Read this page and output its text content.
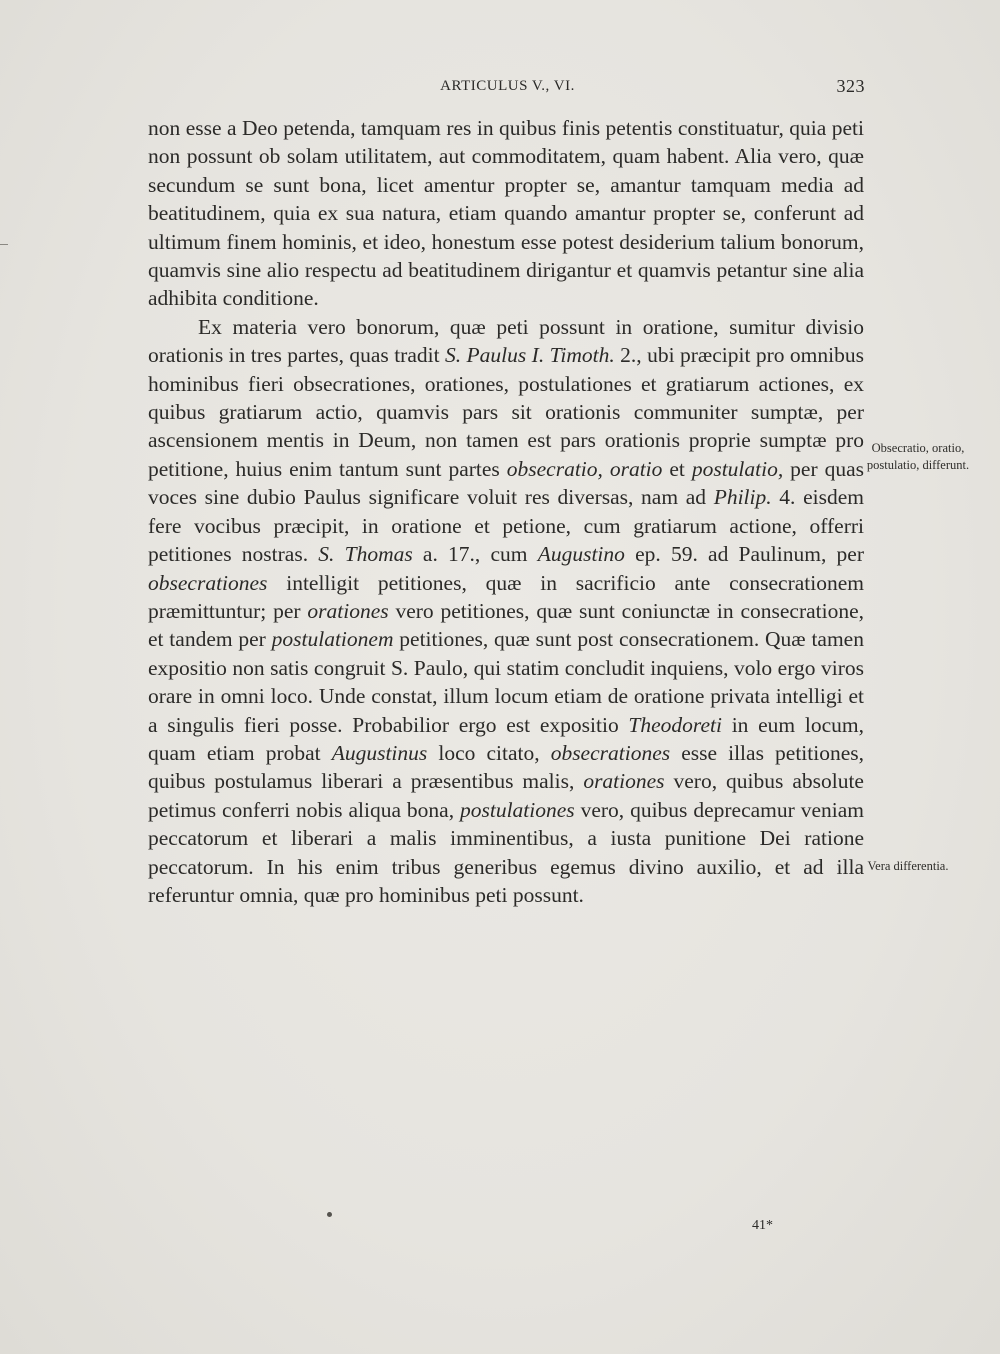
ARTICULUS V., VI.	323

non esse a Deo petenda, tamquam res in quibus finis petentis constituatur, quia peti non possunt ob solam utilitatem, aut commoditatem, quam habent. Alia vero, quæ secundum se sunt bona, licet amentur propter se, amantur tamquam media ad beatitudinem, quia ex sua natura, etiam quando amantur propter se, conferunt ad ultimum finem hominis, et ideo, honestum esse potest desiderium talium bonorum, quamvis sine alio respectu ad beatitudinem dirigantur et quamvis petantur sine alia adhibita conditione.

Ex materia vero bonorum, quæ peti possunt in oratione, sumitur divisio orationis in tres partes, quas tradit S. Paulus I. Timoth. 2., ubi præcipit pro omnibus hominibus fieri obsecrationes, orationes, postulationes et gratiarum actiones, ex quibus gratiarum actio, quamvis pars sit orationis communiter sumptæ, per ascensionem mentis in Deum, non tamen est pars orationis proprie sumptæ pro petitione, huius enim tantum sunt partes obsecratio, oratio et postulatio, per quas voces sine dubio Paulus significare voluit res diversas, nam ad Philip. 4. eisdem fere vocibus præcipit, in oratione et petione, cum gratiarum actione, offerri petitiones nostras. S. Thomas a. 17., cum Augustino ep. 59. ad Paulinum, per obsecrationes intelligit petitiones, quæ in sacrificio ante consecrationem præmittuntur; per orationes vero petitiones, quæ sunt coniunctæ in consecratione, et tandem per postulationem petitiones, quæ sunt post consecrationem. Quæ tamen expositio non satis congruit S. Paulo, qui statim concludit inquiens, volo ergo viros orare in omni loco. Unde constat, illum locum etiam de oratione privata intelligi et a singulis fieri posse. Probabilior ergo est expositio Theodoreti in eum locum, quam etiam probat Augustinus loco citato, obsecrationes esse illas petitiones, quibus postulamus liberari a præsentibus malis, orationes vero, quibus absolute petimus conferri nobis aliqua bona, postulationes vero, quibus deprecamur veniam peccatorum et liberari a malis imminentibus, a iusta punitione Dei ratione peccatorum. In his enim tribus generibus egemus divino auxilio, et ad illa referuntur omnia, quæ pro hominibus peti possunt.

Obsecratio, oratio, postulatio, differunt.
Vera differentia.
41*
